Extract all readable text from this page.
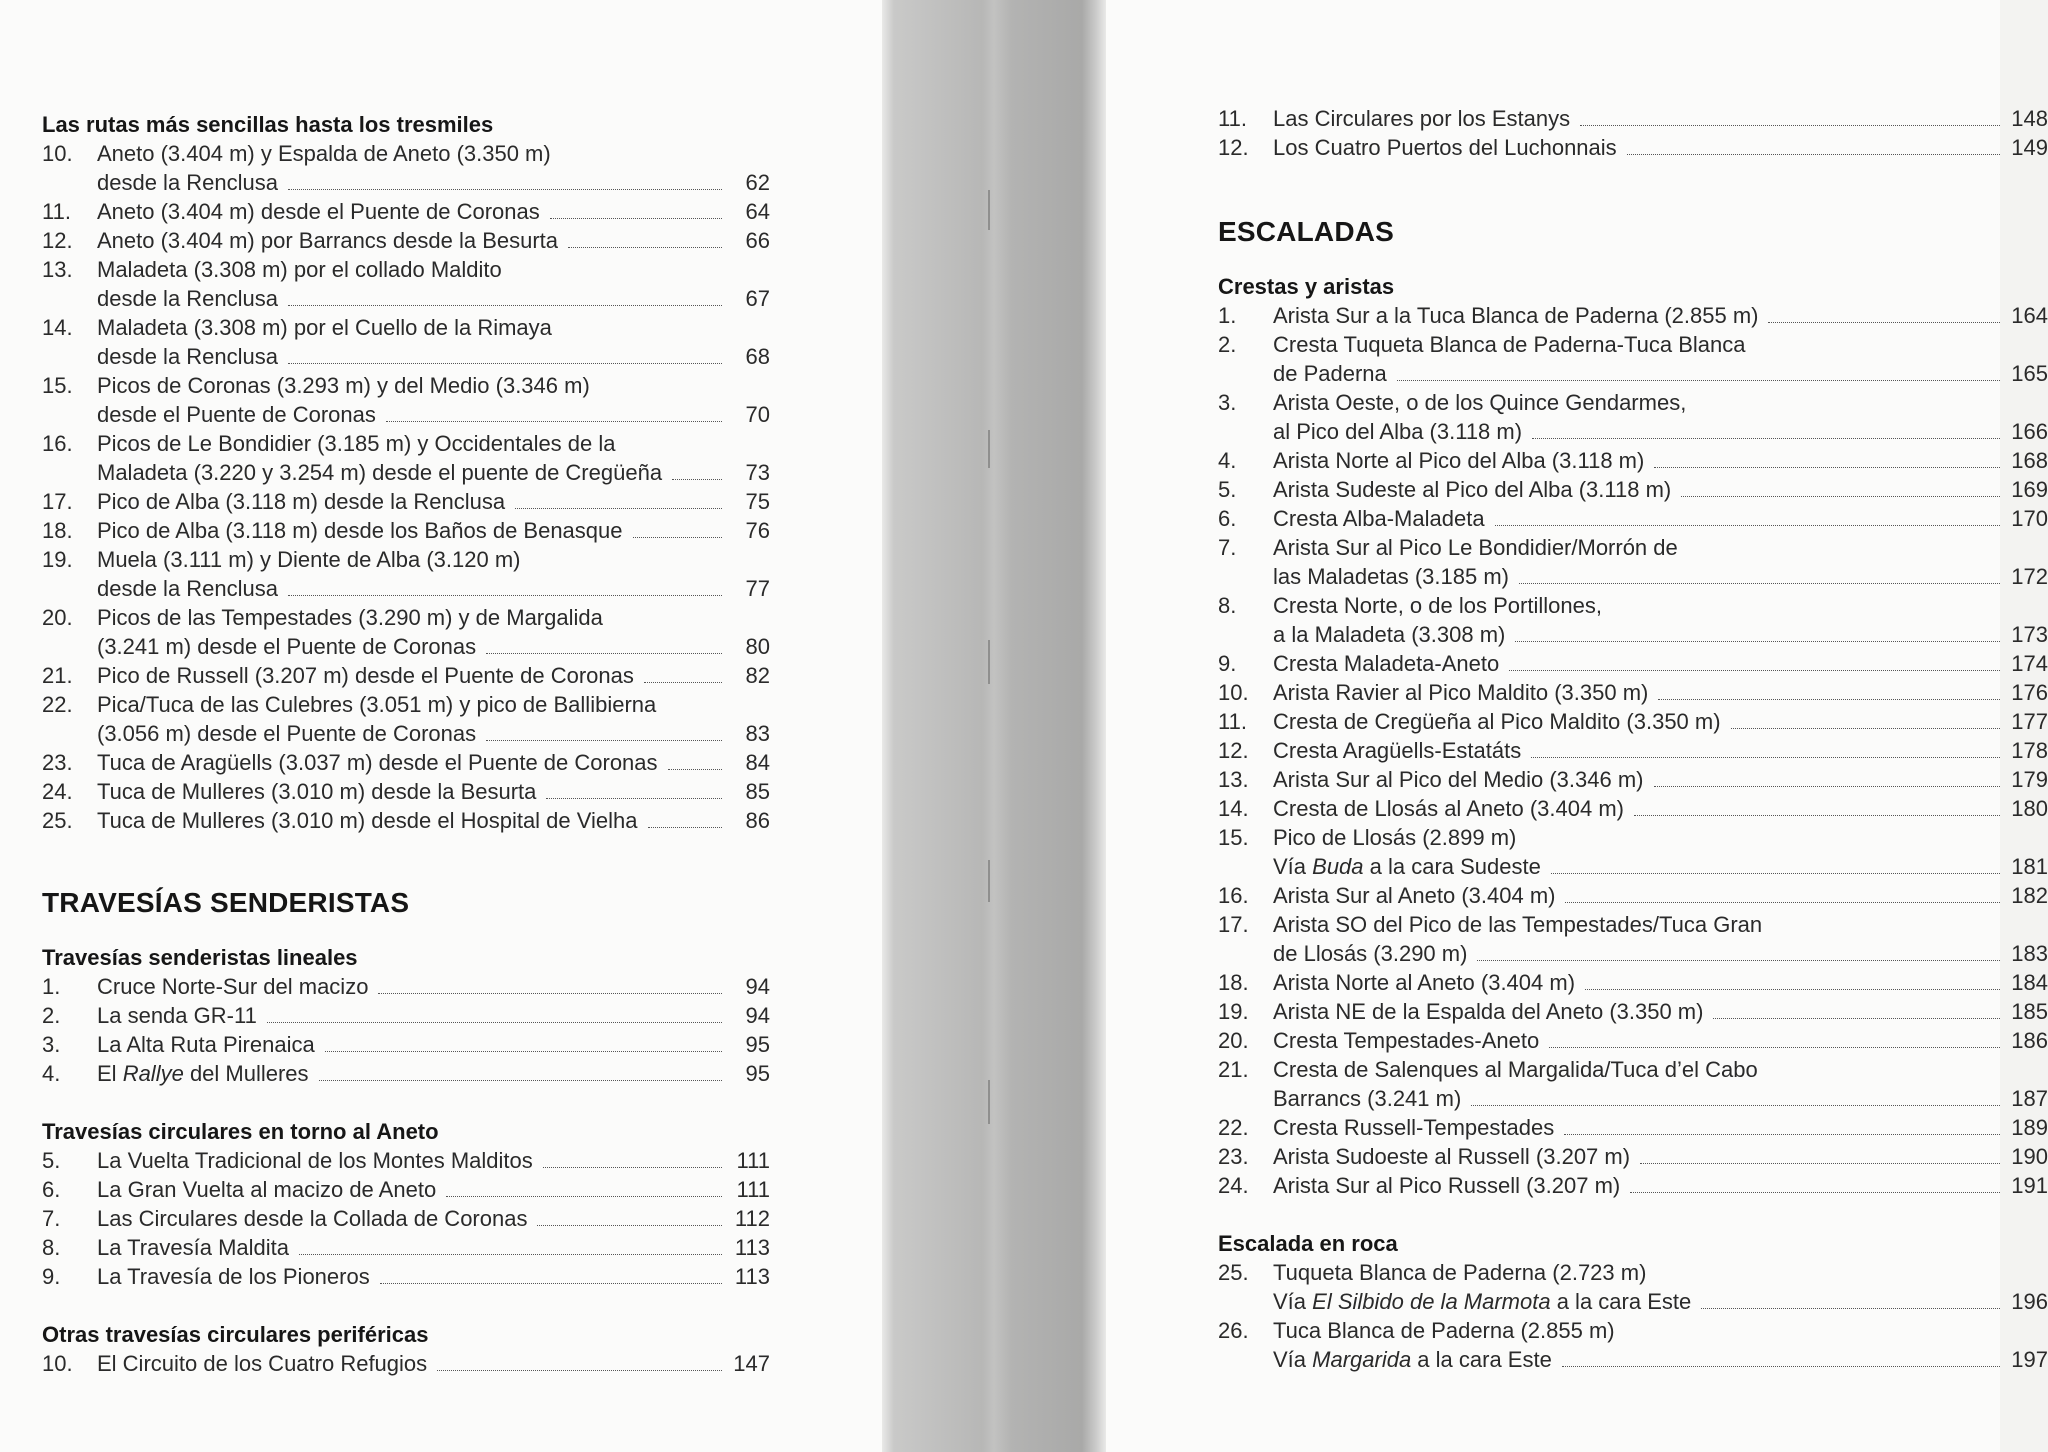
Las rutas más sencillas hasta los tresmiles
10. Aneto (3.404 m) y Espalda de Aneto (3.350 m)
desde la Renclusa	62
11. Aneto (3.404 m) desde el Puente de Coronas	64
12. Aneto (3.404 m) por Barrancs desde la Besurta	66
13. Maladeta (3.308 m) por el collado Maldito
desde la Renclusa	67
14. Maladeta (3.308 m) por el Cuello de la Rimaya
desde la Renclusa	68
15. Picos de Coronas (3.293 m) y del Medio (3.346 m)
desde el Puente de Coronas	70
16. Picos de Le Bondidier (3.185 m) y Occidentales de la
Maladeta (3.220 y 3.254 m) desde el puente de Cregüeña	73
17. Pico de Alba (3.118 m) desde la Renclusa	75
18. Pico de Alba (3.118 m) desde los Baños de Benasque	76
19. Muela (3.111 m) y Diente de Alba (3.120 m)
desde la Renclusa	77
20. Picos de las Tempestades (3.290 m) y de Margalida
(3.241 m) desde el Puente de Coronas	80
21. Pico de Russell (3.207 m) desde el Puente de Coronas	82
22. Pica/Tuca de las Culebres (3.051 m) y pico de Ballibierna
(3.056 m) desde el Puente de Coronas	83
23. Tuca de Aragüells (3.037 m) desde el Puente de Coronas	84
24. Tuca de Mulleres (3.010 m) desde la Besurta	85
25. Tuca de Mulleres (3.010 m) desde el Hospital de Vielha	86
TRAVESÍAS SENDERISTAS
Travesías senderistas lineales
1. Cruce Norte-Sur del macizo	94
2. La senda GR-11	94
3. La Alta Ruta Pirenaica	95
4. El Rallye del Mulleres	95
Travesías circulares en torno al Aneto
5. La Vuelta Tradicional de los Montes Malditos	111
6. La Gran Vuelta al macizo de Aneto	111
7. Las Circulares desde la Collada de Coronas	112
8. La Travesía Maldita	113
9. La Travesía de los Pioneros	113
Otras travesías circulares periféricas
10. El Circuito de los Cuatro Refugios	147
11. Las Circulares por los Estanys	148
12. Los Cuatro Puertos del Luchonnais	149
ESCALADAS
Crestas y aristas
1. Arista Sur a la Tuca Blanca de Paderna (2.855 m)	164
2. Cresta Tuqueta Blanca de Paderna-Tuca Blanca
de Paderna	165
3. Arista Oeste, o de los Quince Gendarmes,
al Pico del Alba (3.118 m)	166
4. Arista Norte al Pico del Alba (3.118 m)	168
5. Arista Sudeste al Pico del Alba (3.118 m)	169
6. Cresta Alba-Maladeta	170
7. Arista Sur al Pico Le Bondidier/Morrón de
las Maladetas (3.185 m)	172
8. Cresta Norte, o de los Portillones,
a la Maladeta (3.308 m)	173
9. Cresta Maladeta-Aneto	174
10. Arista Ravier al Pico Maldito (3.350 m)	176
11. Cresta de Cregüeña al Pico Maldito (3.350 m)	177
12. Cresta Aragüells-Estatáts	178
13. Arista Sur al Pico del Medio (3.346 m)	179
14. Cresta de Llosás al Aneto (3.404 m)	180
15. Pico de Llosás (2.899 m)
Vía Buda a la cara Sudeste	181
16. Arista Sur al Aneto (3.404 m)	182
17. Arista SO del Pico de las Tempestades/Tuca Gran
de Llosás (3.290 m)	183
18. Arista Norte al Aneto (3.404 m)	184
19. Arista NE de la Espalda del Aneto (3.350 m)	185
20. Cresta Tempestades-Aneto	186
21. Cresta de Salenques al Margalida/Tuca d’el Cabo
Barrancs (3.241 m)	187
22. Cresta Russell-Tempestades	189
23. Arista Sudoeste al Russell (3.207 m)	190
24. Arista Sur al Pico Russell (3.207 m)	191
Escalada en roca
25. Tuqueta Blanca de Paderna (2.723 m)
Vía El Silbido de la Marmota a la cara Este	196
26. Tuca Blanca de Paderna (2.855 m)
Vía Margarida a la cara Este	197
